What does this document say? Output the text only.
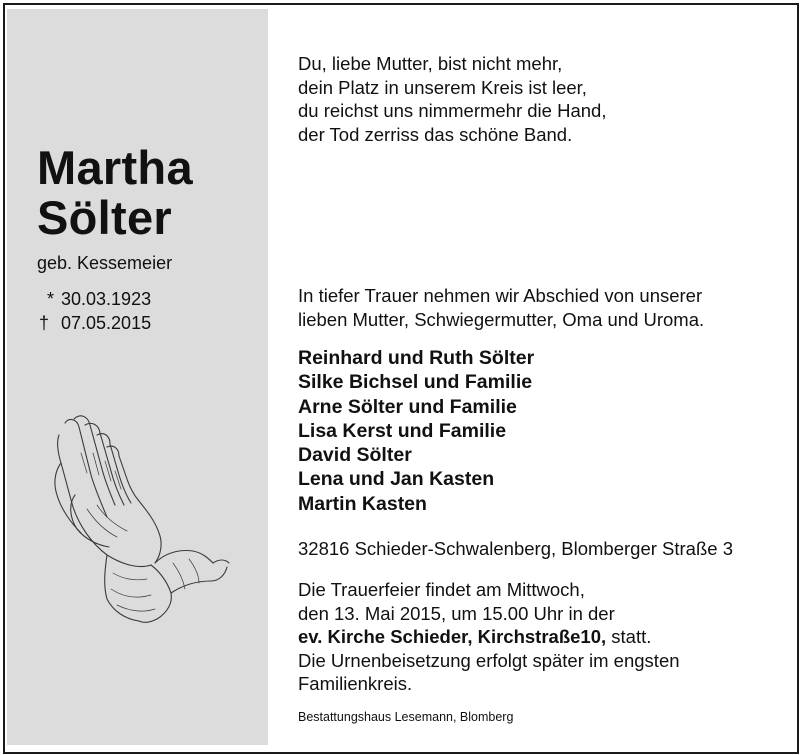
Martha
Sölter
geb. Kessemeier
* 30.03.1923
† 07.05.2015
Du, liebe Mutter, bist nicht mehr,
dein Platz in unserem Kreis ist leer,
du reichst uns nimmermehr die Hand,
der Tod zerriss das schöne Band.
In tiefer Trauer nehmen wir Abschied von unserer
lieben Mutter, Schwiegermutter, Oma und Uroma.
Reinhard und Ruth Sölter
Silke Bichsel und Familie
Arne Sölter und Familie
Lisa Kerst und Familie
David Sölter
Lena und Jan Kasten
Martin Kasten
32816 Schieder-Schwalenberg, Blomberger Straße 3
Die Trauerfeier findet am Mittwoch,
den 13. Mai 2015, um 15.00 Uhr in der
ev. Kirche Schieder, Kirchstraße10, statt.
Die Urnenbeisetzung erfolgt später im engsten
Familienkreis.
Bestattungshaus Lesemann, Blomberg
